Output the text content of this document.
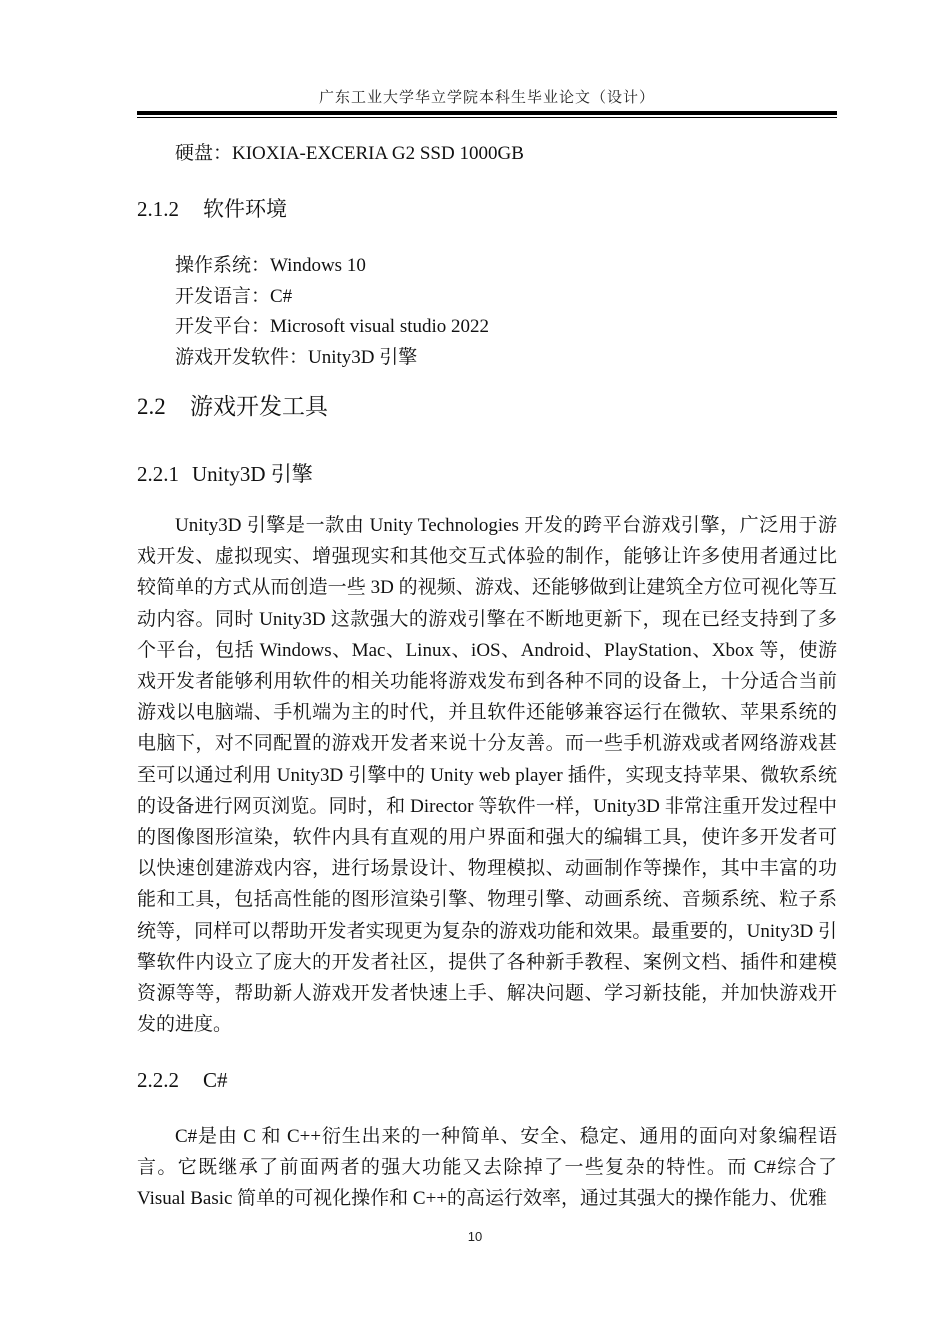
广东工业大学华立学院本科生毕业论文（设计）
硬盘：KIOXIA-EXCERIA G2 SSD 1000GB
2.1.2 软件环境
操作系统：Windows 10
开发语言：C#
开发平台：Microsoft visual studio 2022
游戏开发软件：Unity3D 引擎
2.2 游戏开发工具
2.2.1 Unity3D 引擎
Unity3D 引擎是一款由 Unity Technologies 开发的跨平台游戏引擎，广泛用于游戏开发、虚拟现实、增强现实和其他交互式体验的制作，能够让许多使用者通过比较简单的方式从而创造一些 3D 的视频、游戏、还能够做到让建筑全方位可视化等互动内容。同时 Unity3D 这款强大的游戏引擎在不断地更新下，现在已经支持到了多个平台，包括 Windows、Mac、Linux、iOS、Android、PlayStation、Xbox 等，使游戏开发者能够利用软件的相关功能将游戏发布到各种不同的设备上，十分适合当前游戏以电脑端、手机端为主的时代，并且软件还能够兼容运行在微软、苹果系统的电脑下，对不同配置的游戏开发者来说十分友善。而一些手机游戏或者网络游戏甚至可以通过利用 Unity3D 引擎中的 Unity web player 插件，实现支持苹果、微软系统的设备进行网页浏览。同时，和 Director 等软件一样，Unity3D 非常注重开发过程中的图像图形渲染，软件内具有直观的用户界面和强大的编辑工具，使许多开发者可以快速创建游戏内容，进行场景设计、物理模拟、动画制作等操作，其中丰富的功能和工具，包括高性能的图形渲染引擎、物理引擎、动画系统、音频系统、粒子系统等，同样可以帮助开发者实现更为复杂的游戏功能和效果。最重要的，Unity3D 引擎软件内设立了庞大的开发者社区，提供了各种新手教程、案例文档、插件和建模资源等等，帮助新人游戏开发者快速上手、解决问题、学习新技能，并加快游戏开发的进度。
2.2.2 C#
C#是由 C 和 C++衍生出来的一种简单、安全、稳定、通用的面向对象编程语言。它既继承了前面两者的强大功能又去除掉了一些复杂的特性。而 C#综合了 Visual Basic 简单的可视化操作和 C++的高运行效率，通过其强大的操作能力、优雅
10
